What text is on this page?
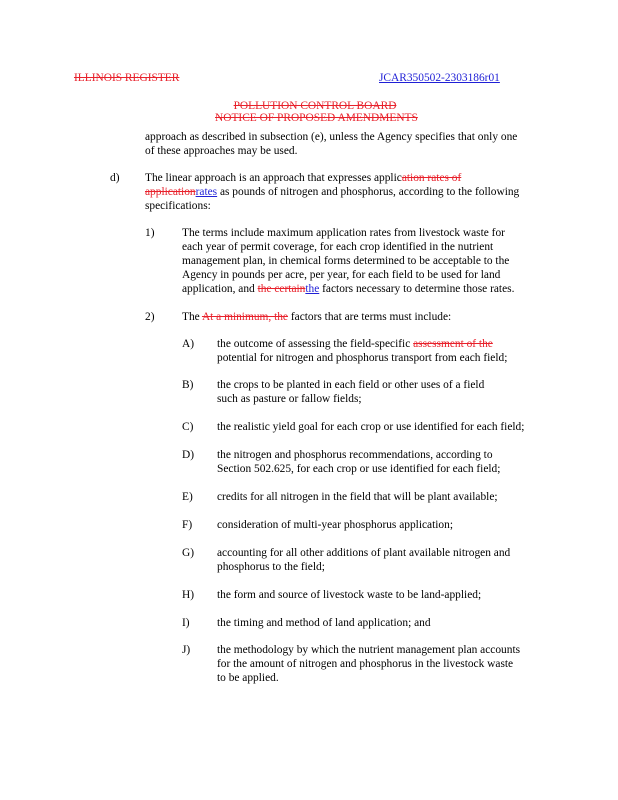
ILLINOIS REGISTER	JCAR350502-2303186r01
POLLUTION CONTROL BOARD
NOTICE OF PROPOSED AMENDMENTS
approach as described in subsection (e), unless the Agency specifies that only one
of these approaches may be used.
d) The linear approach is an approach that expresses application rates of
applicationrates as pounds of nitrogen and phosphorus, according to the following
specifications:
1) The terms include maximum application rates from livestock waste for
each year of permit coverage, for each crop identified in the nutrient
management plan, in chemical forms determined to be acceptable to the
Agency in pounds per acre, per year, for each field to be used for land
application, and the certainthe factors necessary to determine those rates.
2) The At a minimum, the factors that are terms must include:
A) the outcome of assessing the field-specific assessment of the
potential for nitrogen and phosphorus transport from each field;
B) the crops to be planted in each field or other uses of a field
such as pasture or fallow fields;
C) the realistic yield goal for each crop or use identified for each field;
D) the nitrogen and phosphorus recommendations, according to
Section 502.625, for each crop or use identified for each field;
E) credits for all nitrogen in the field that will be plant available;
F) consideration of multi-year phosphorus application;
G) accounting for all other additions of plant available nitrogen and
phosphorus to the field;
H) the form and source of livestock waste to be land-applied;
I) the timing and method of land application; and
J) the methodology by which the nutrient management plan accounts
for the amount of nitrogen and phosphorus in the livestock waste
to be applied.
